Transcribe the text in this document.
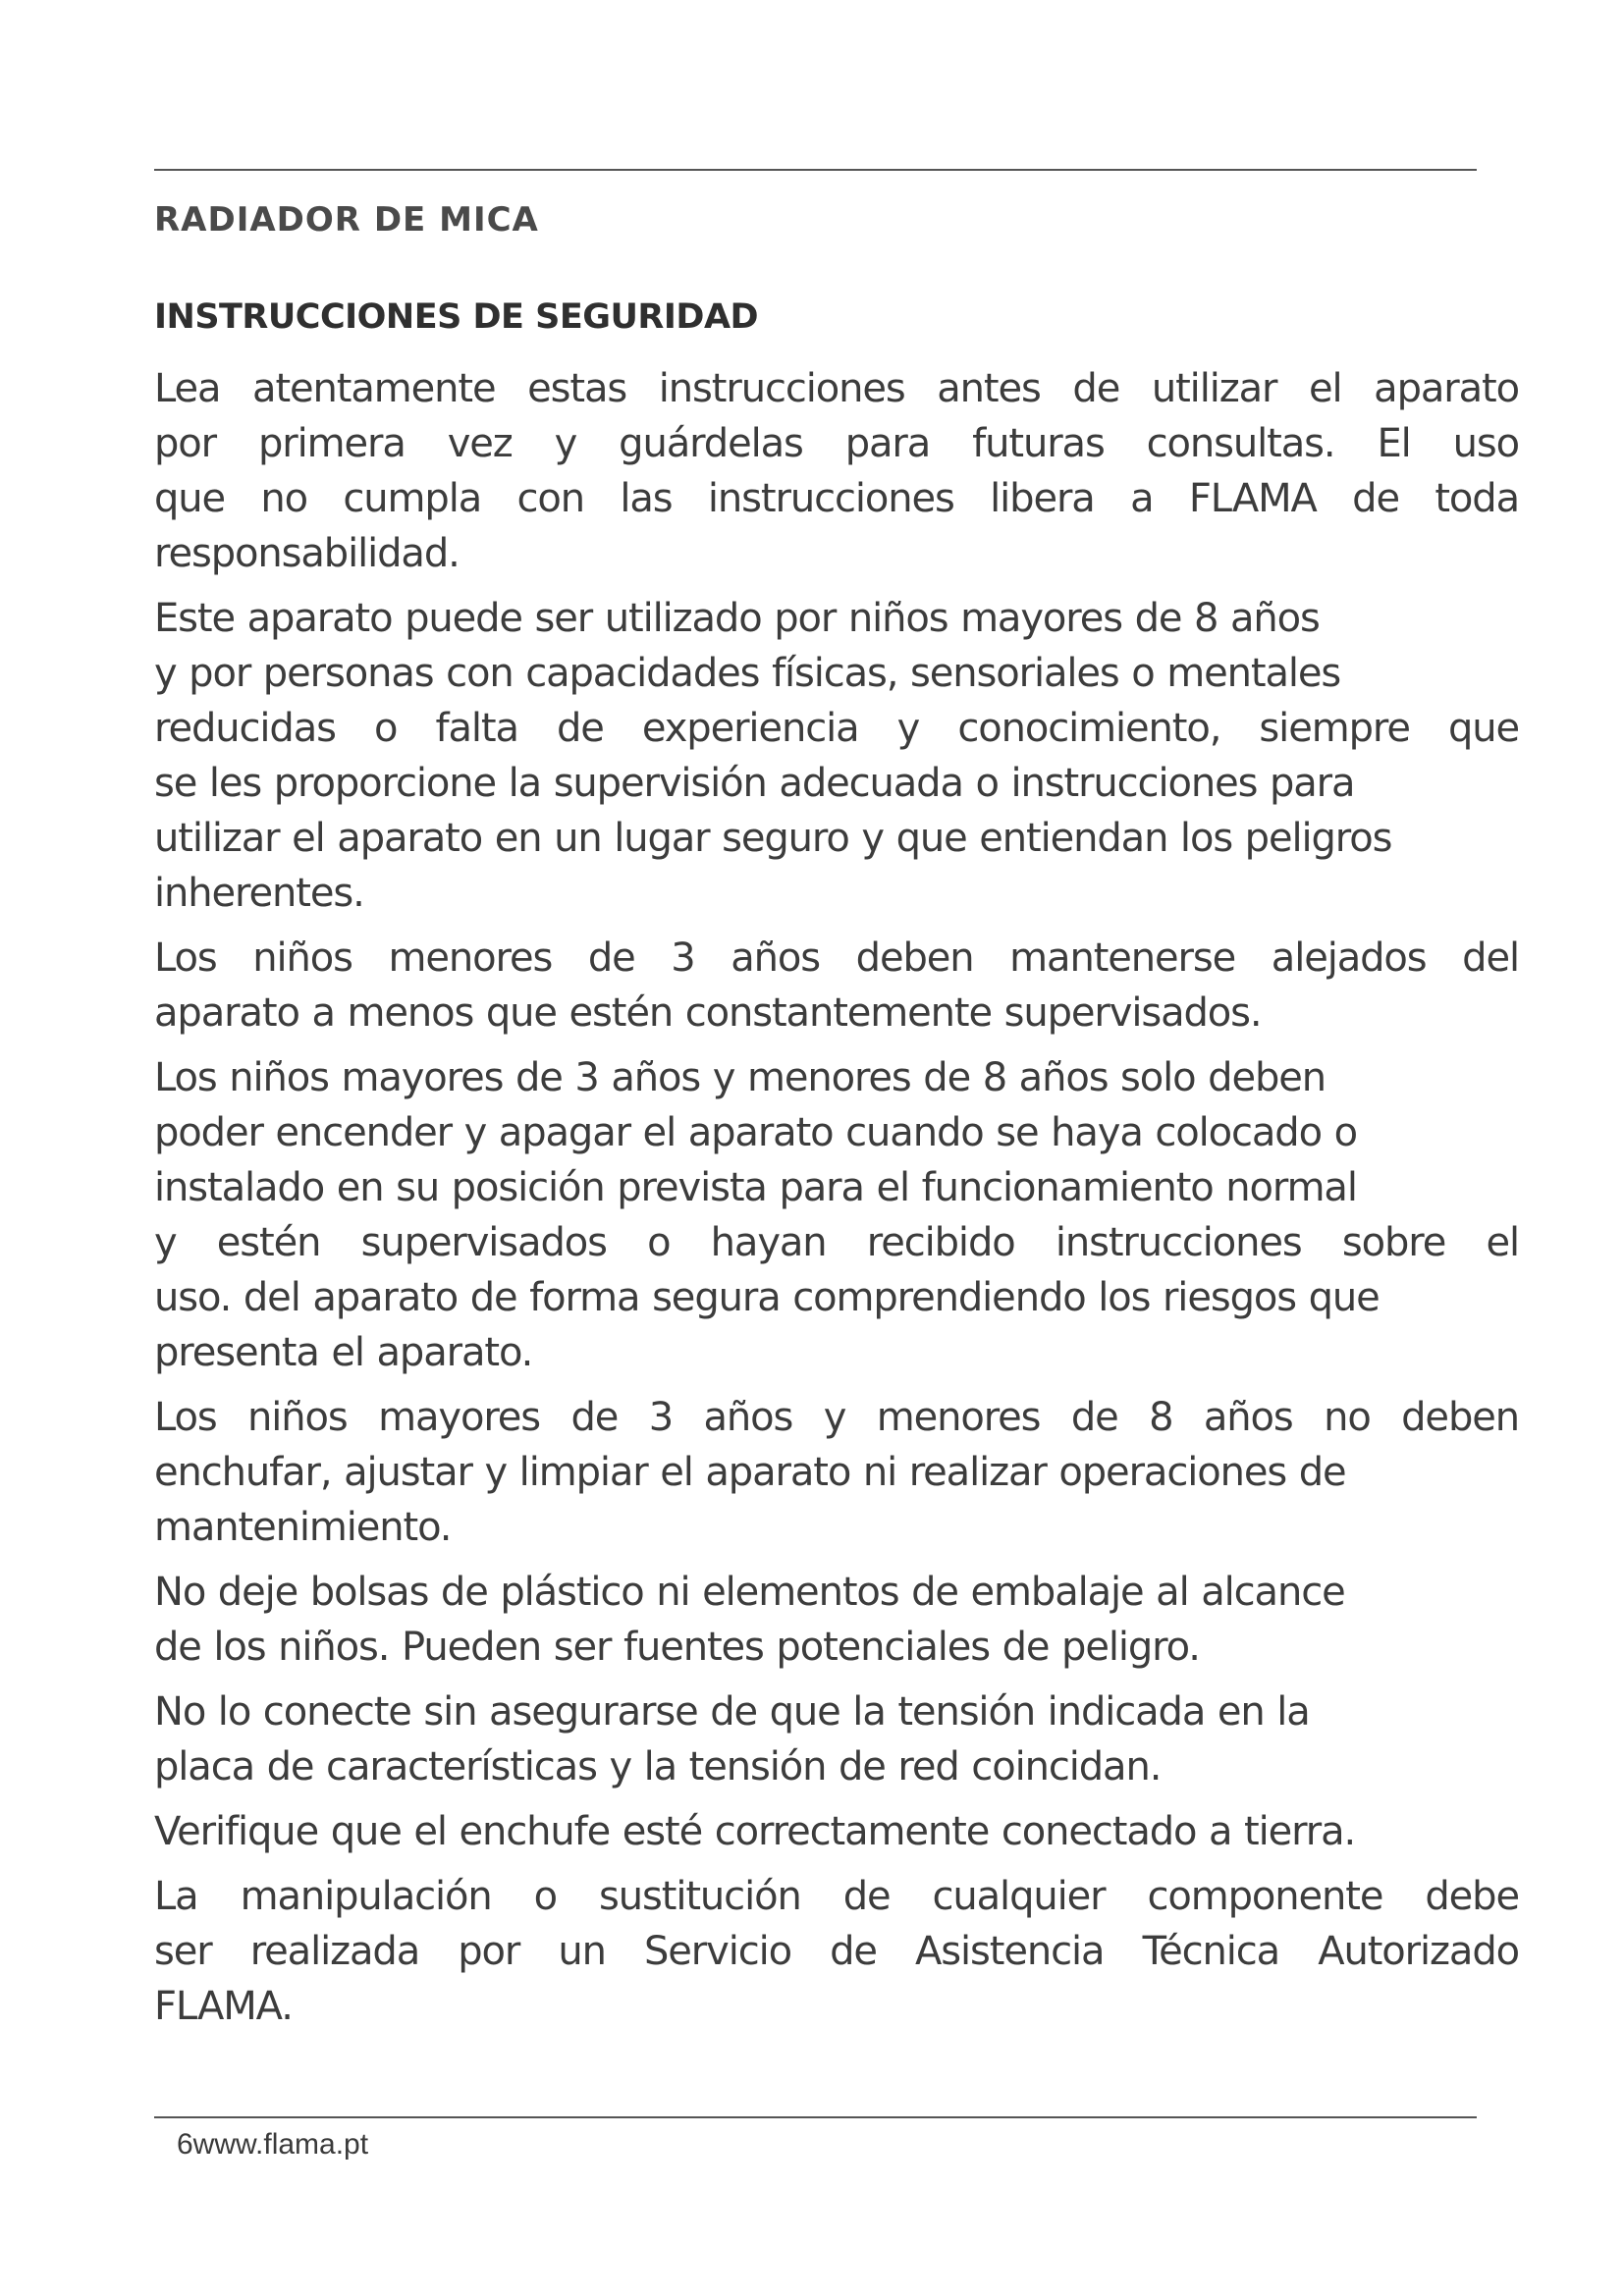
RADIADOR DE MICA
INSTRUCCIONES DE SEGURIDAD

Lea atentamente estas instrucciones antes de utilizar el aparato
por primera vez y guárdelas para futuras consultas. El uso
que no cumpla con las instrucciones libera a FLAMA de toda
responsabilidad.

Este aparato puede ser utilizado por niños mayores de 8 años
y por personas con capacidades físicas, sensoriales o mentales
reducidas o falta de experiencia y conocimiento, siempre que
se les proporcione la supervisión adecuada o instrucciones para
utilizar el aparato en un lugar seguro y que entiendan los peligros
inherentes.

Los niños menores de 3 años deben mantenerse alejados del
aparato a menos que estén constantemente supervisados.

Los niños mayores de 3 años y menores de 8 años solo deben
poder encender y apagar el aparato cuando se haya colocado o
instalado en su posición prevista para el funcionamiento normal
y estén supervisados o hayan recibido instrucciones sobre el
uso. del aparato de forma segura comprendiendo los riesgos que
presenta el aparato.

Los niños mayores de 3 años y menores de 8 años no deben
enchufar, ajustar y limpiar el aparato ni realizar operaciones de
mantenimiento.

No deje bolsas de plástico ni elementos de embalaje al alcance
de los niños. Pueden ser fuentes potenciales de peligro.

No lo conecte sin asegurarse de que la tensión indicada en la
placa de características y la tensión de red coincidan.

Verifique que el enchufe esté correctamente conectado a tierra.

La manipulación o sustitución de cualquier componente debe
ser realizada por un Servicio de Asistencia Técnica Autorizado
FLAMA.

6www.flama.pt
